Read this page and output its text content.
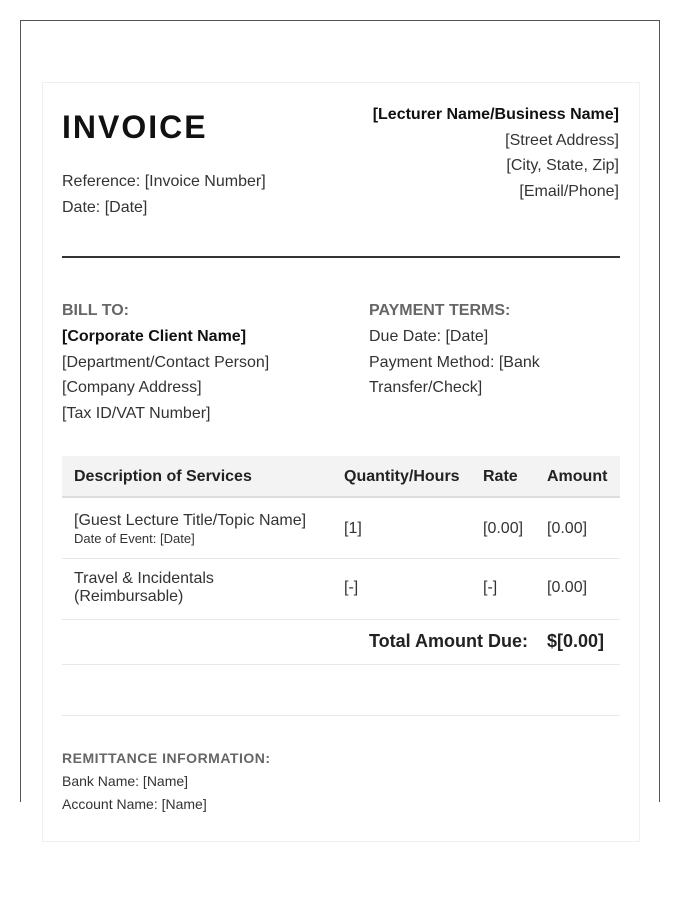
INVOICE
Reference: [Invoice Number]
Date: [Date]
[Lecturer Name/Business Name]
[Street Address]
[City, State, Zip]
[Email/Phone]
BILL TO:
[Corporate Client Name]
[Department/Contact Person]
[Company Address]
[Tax ID/VAT Number]
PAYMENT TERMS:
Due Date: [Date]
Payment Method: [Bank
Transfer/Check]
Description of Services	Quantity/Hours Rate Amount
[Guest Lecture Title/Topic Name]
Date of Event: [Date]
[1]	[0.00] [0.00]
Travel & Incidentals
(Reimbursable)
[-]	[-]	[0.00]
Total Amount Due: $[0.00]
REMITTANCE INFORMATION:
Bank Name: [Name]
Account Name: [Name]
